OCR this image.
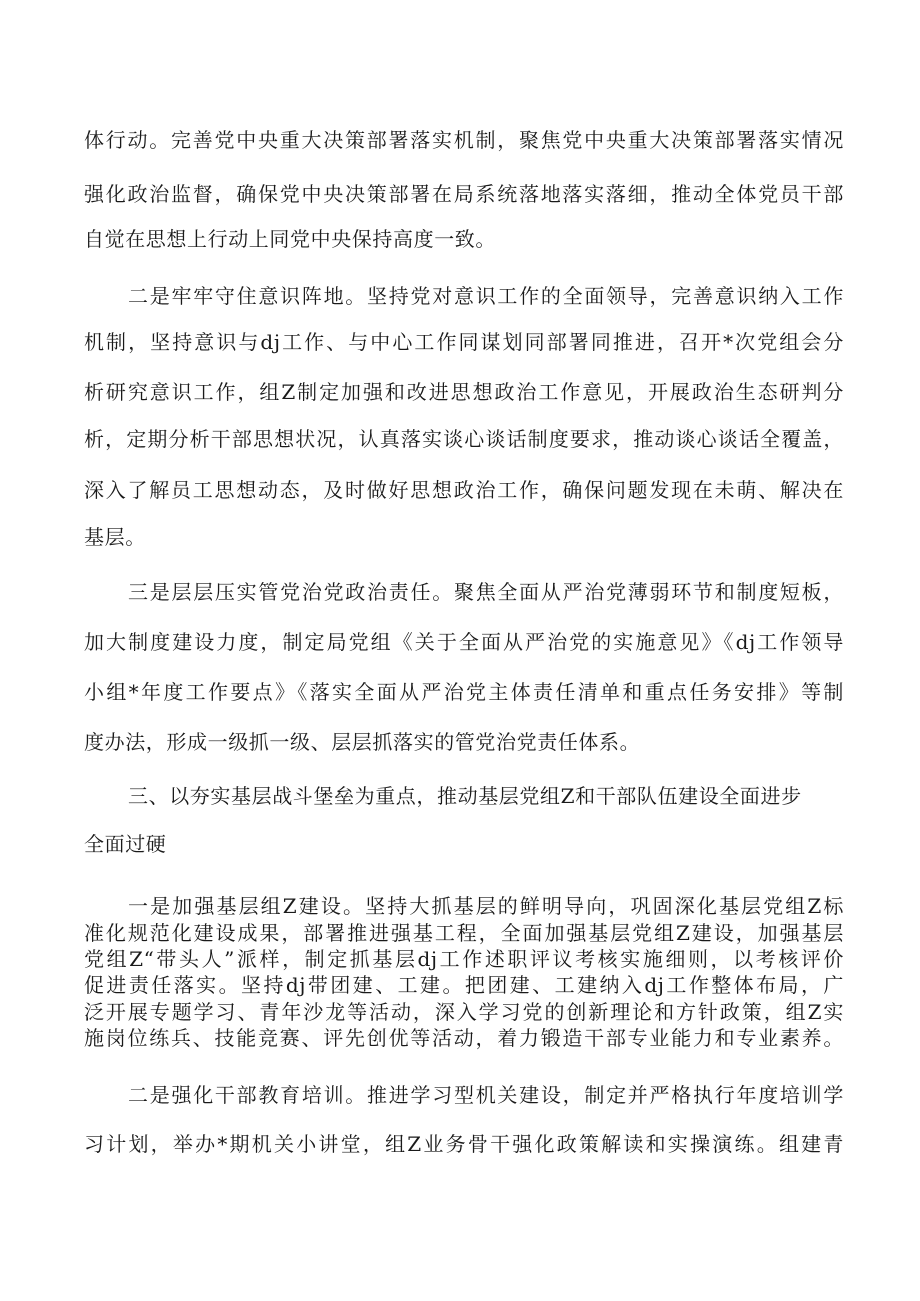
体行动。完善党中央重大决策部署落实机制，聚焦党中央重大决策部署落实情况
强化政治监督，确保党中央决策部署在局系统落地落实落细，推动全体党员干部
自觉在思想上行动上同党中央保持高度一致。
二是牢牢守住意识阵地。坚持党对意识工作的全面领导，完善意识纳入工作
机制，坚持意识与dj工作、与中心工作同谋划同部署同推进，召开*次党组会分
析研究意识工作，组Z制定加强和改进思想政治工作意见，开展政治生态研判分
析，定期分析干部思想状况，认真落实谈心谈话制度要求，推动谈心谈话全覆盖，
深入了解员工思想动态，及时做好思想政治工作，确保问题发现在未萌、解决在
基层。
三是层层压实管党治党政治责任。聚焦全面从严治党薄弱环节和制度短板，
加大制度建设力度，制定局党组《关于全面从严治党的实施意见》《dj工作领导
小组*年度工作要点》《落实全面从严治党主体责任清单和重点任务安排》等制
度办法，形成一级抓一级、层层抓落实的管党治党责任体系。
三、以夯实基层战斗堡垒为重点，推动基层党组Z和干部队伍建设全面进步
全面过硬
一是加强基层组Z建设。坚持大抓基层的鲜明导向，巩固深化基层党组Z标
准化规范化建设成果，部署推进强基工程，全面加强基层党组Z建设，加强基层
党组Z“带头人”派样，制定抓基层dj工作述职评议考核实施细则，以考核评价
促进责任落实。坚持dj带团建、工建。把团建、工建纳入dj工作整体布局，广
泛开展专题学习、青年沙龙等活动，深入学习党的创新理论和方针政策，组Z实
施岗位练兵、技能竞赛、评先创优等活动，着力锻造干部专业能力和专业素养。
二是强化干部教育培训。推进学习型机关建设，制定并严格执行年度培训学
习计划，举办*期机关小讲堂，组Z业务骨干强化政策解读和实操演练。组建青
